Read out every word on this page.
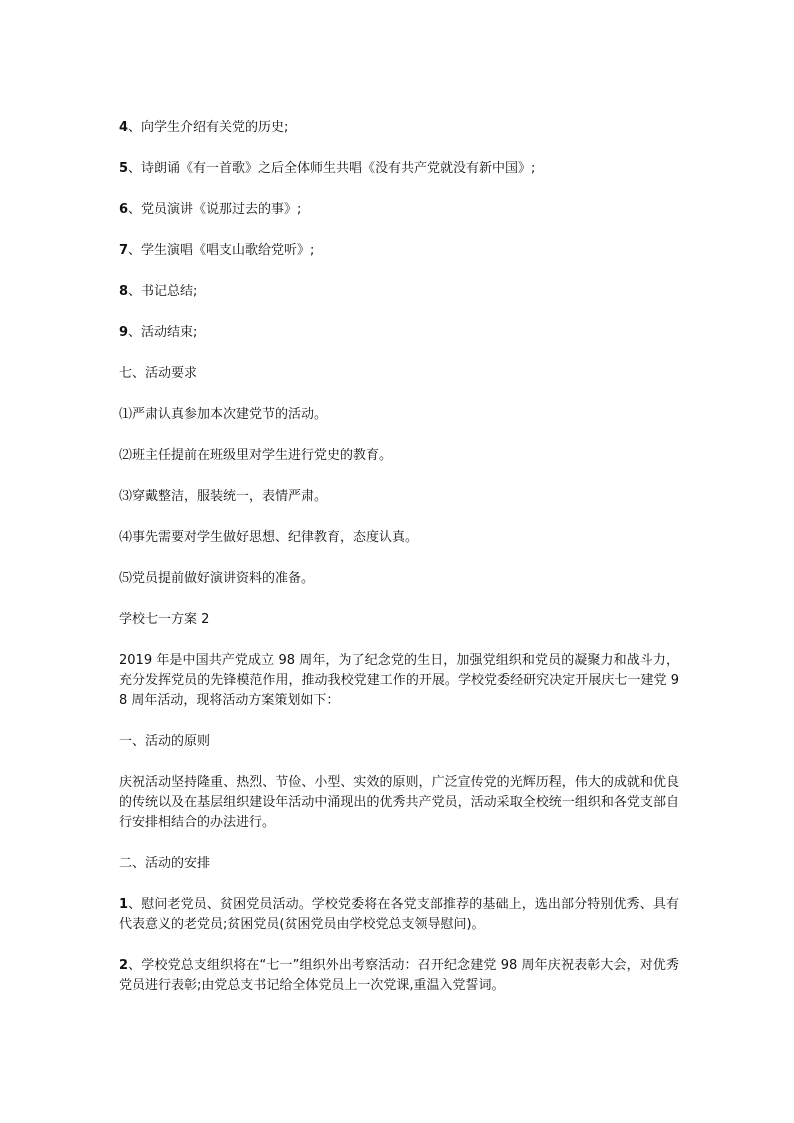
4、向学生介绍有关党的历史;
5、诗朗诵《有一首歌》之后全体师生共唱《没有共产党就没有新中国》;
6、党员演讲《说那过去的事》;
7、学生演唱《唱支山歌给党听》;
8、书记总结;
9、活动结束;
七、活动要求
⑴严肃认真参加本次建党节的活动。
⑵班主任提前在班级里对学生进行党史的教育。
⑶穿戴整洁，服装统一，表情严肃。
⑷事先需要对学生做好思想、纪律教育，态度认真。
⑸党员提前做好演讲资料的准备。
学校七一方案 2
2019 年是中国共产党成立 98 周年，为了纪念党的生日，加强党组织和党员的凝聚力和战斗力，充分发挥党员的先锋模范作用，推动我校党建工作的开展。学校党委经研究决定开展庆七一建党 98 周年活动，现将活动方案策划如下：
一、活动的原则
庆祝活动坚持隆重、热烈、节俭、小型、实效的原则，广泛宣传党的光辉历程，伟大的成就和优良的传统以及在基层组织建设年活动中涌现出的优秀共产党员，活动采取全校统一组织和各党支部自行安排相结合的办法进行。
二、活动的安排
1、慰问老党员、贫困党员活动。学校党委将在各党支部推荐的基础上，选出部分特别优秀、具有代表意义的老党员;贫困党员(贫困党员由学校党总支领导慰问)。
2、学校党总支组织将在“七一”组织外出考察活动：召开纪念建党 98 周年庆祝表彰大会，对优秀党员进行表彰;由党总支书记给全体党员上一次党课,重温入党誓词。
